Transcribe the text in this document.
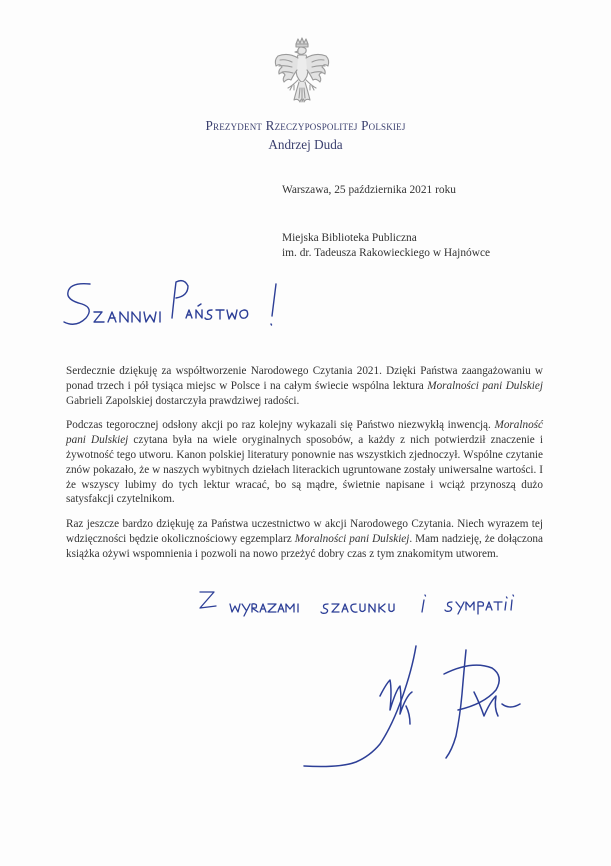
Prezydent Rzeczypospolitej Polskiej
Andrzej Duda
Warszawa, 25 października 2021 roku
Miejska Biblioteka Publiczna
im. dr. Tadeusza Rakowieckiego w Hajnówce

Serdecznie dziękuję za współtworzenie Narodowego Czytania 2021. Dzięki Państwa zaangażowaniu w ponad trzech i pół tysiąca miejsc w Polsce i na całym świecie wspólna lektura Moralności pani Dulskiej Gabrieli Zapolskiej dostarczyła prawdziwej radości.

Podczas tegorocznej odsłony akcji po raz kolejny wykazali się Państwo niezwykłą inwencją. Moralność pani Dulskiej czytana była na wiele oryginalnych sposobów, a każdy z nich potwierdził znaczenie i żywotność tego utworu. Kanon polskiej literatury ponownie nas wszystkich zjednoczył. Wspólne czytanie znów pokazało, że w naszych wybitnych dziełach literackich ugruntowane zostały uniwersalne wartości. I że wszyscy lubimy do tych lektur wracać, bo są mądre, świetnie napisane i wciąż przynoszą dużo satysfakcji czytelnikom.

Raz jeszcze bardzo dziękuję za Państwa uczestnictwo w akcji Narodowego Czytania. Niech wyrazem tej wdzięczności będzie okolicznościowy egzemplarz Moralności pani Dulskiej. Mam nadzieję, że dołączona książka ożywi wspomnienia i pozwoli na nowo przeżyć dobry czas z tym znakomitym utworem.
